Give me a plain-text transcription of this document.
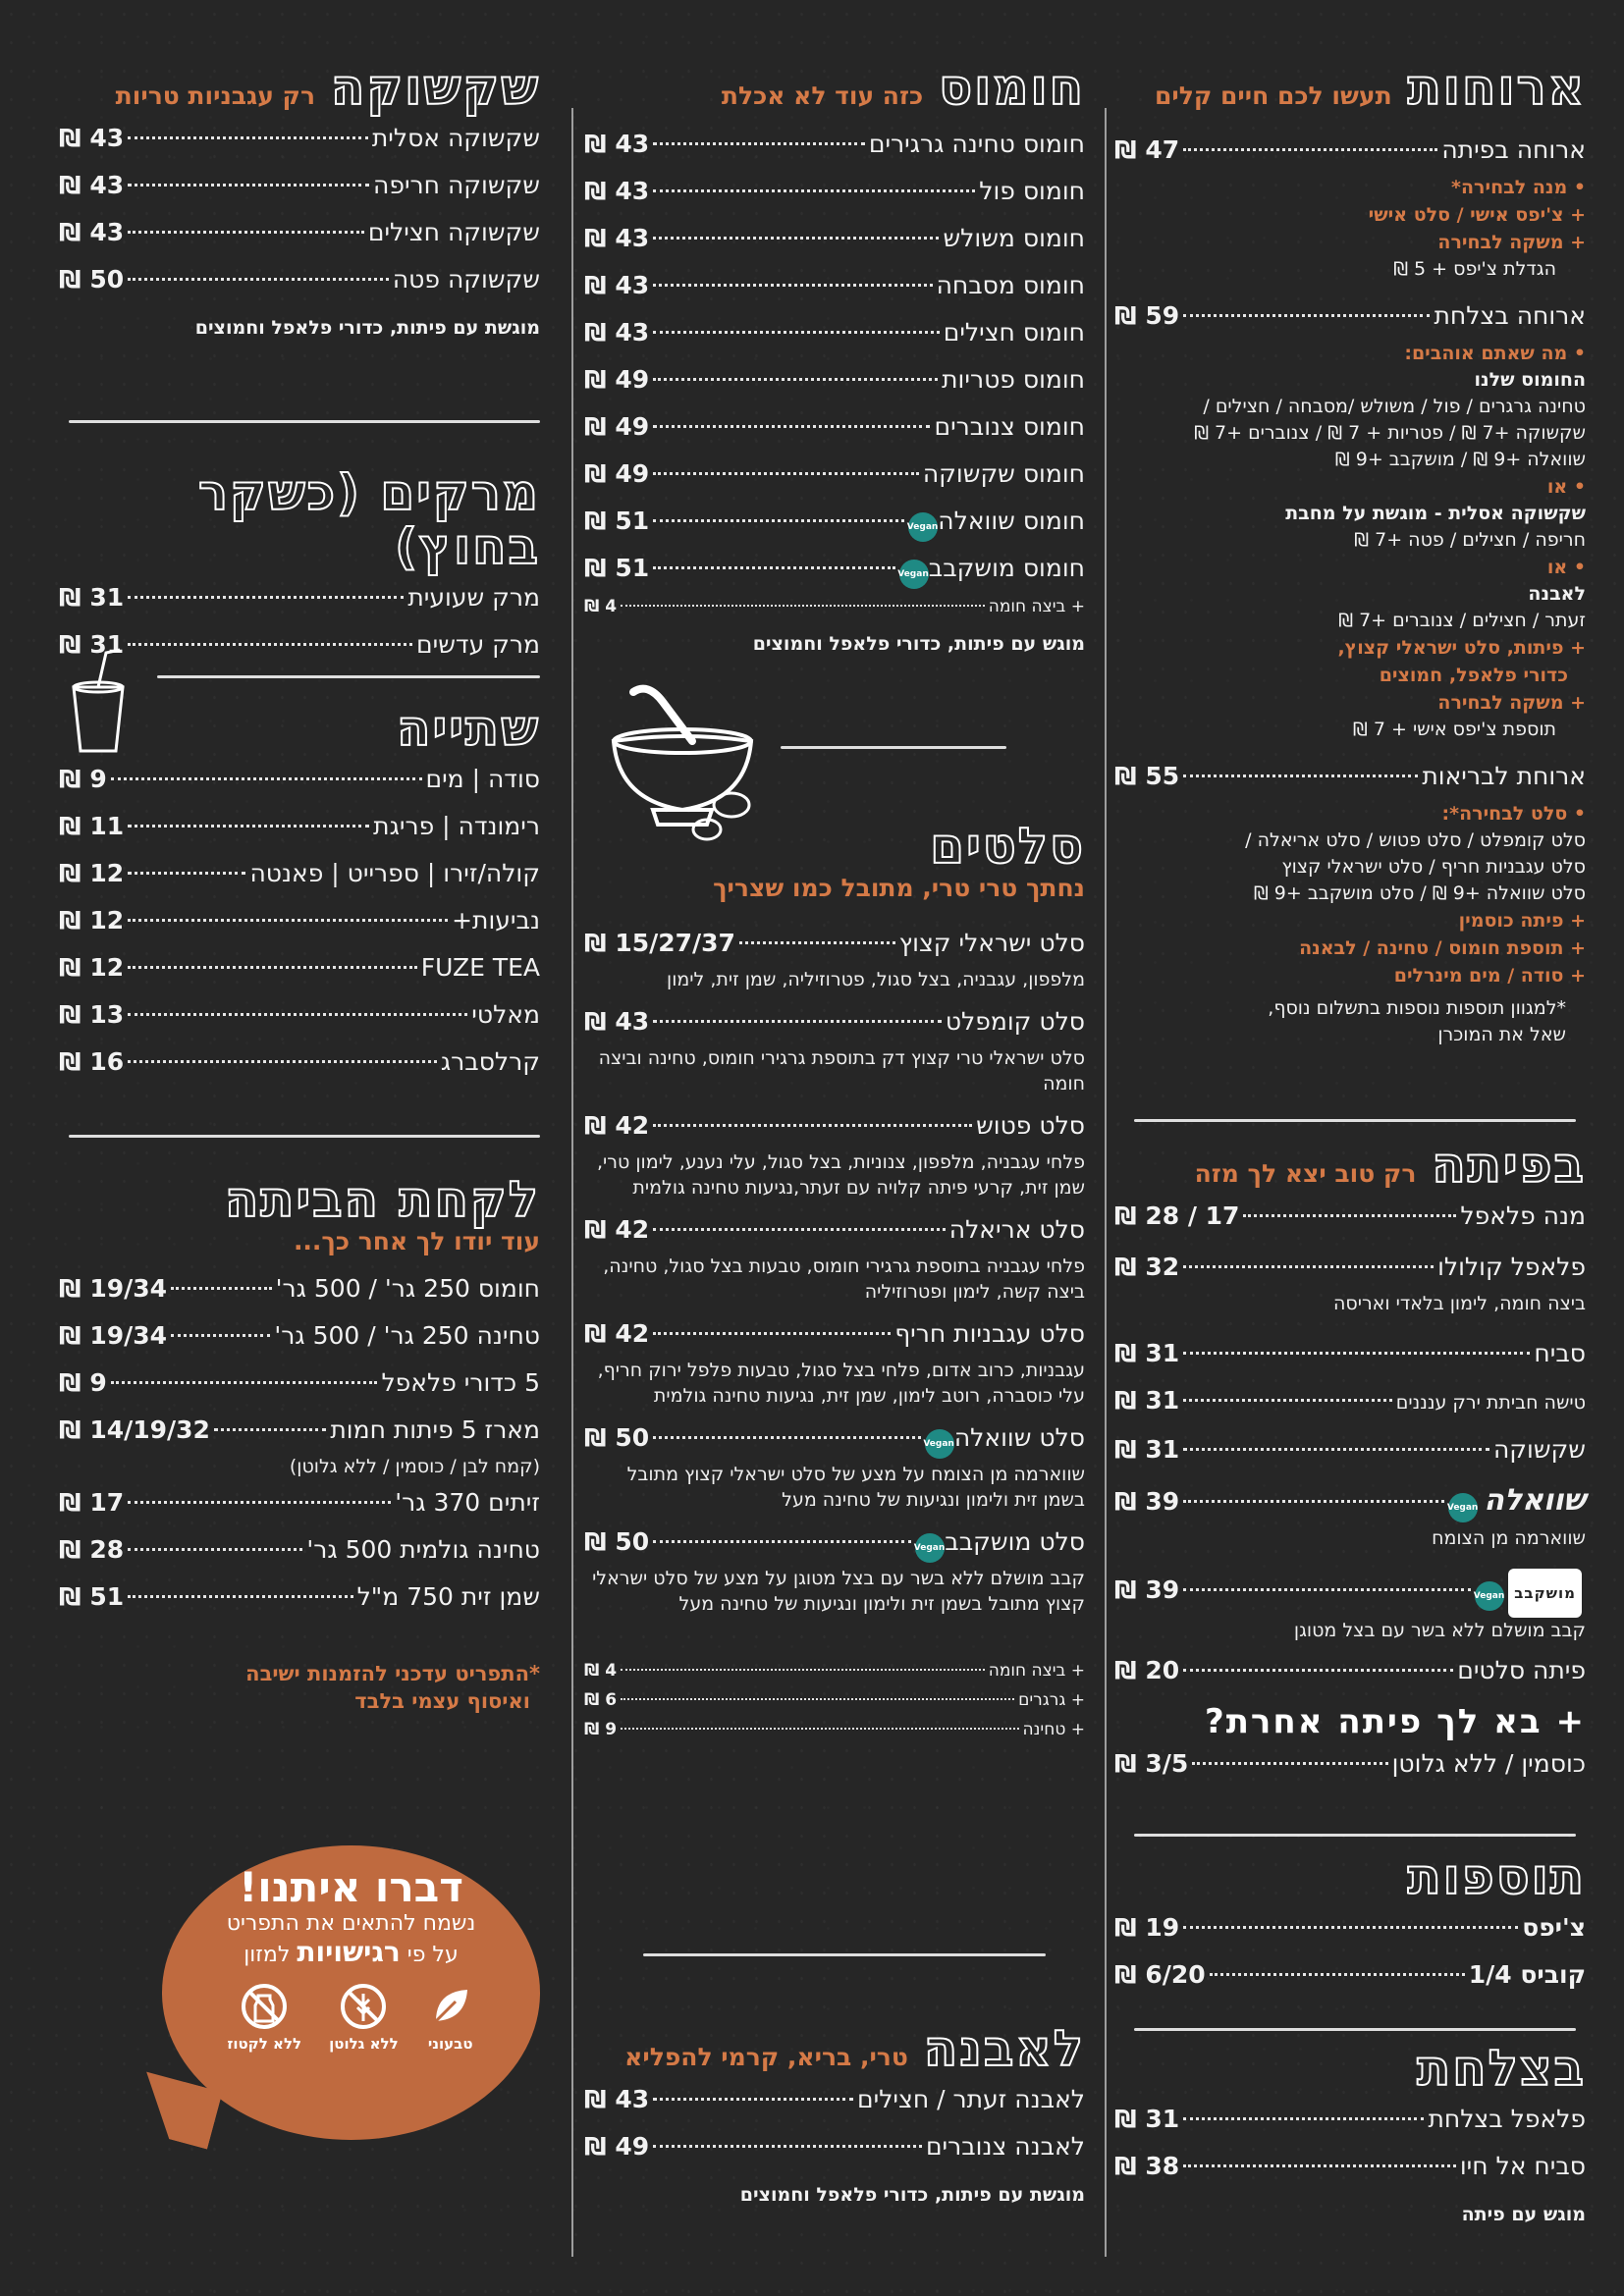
ארוחות
תעשו לכם חיים קלים
ארוחה בפיתה
47 ₪
• מנה לבחירה*
+ צ'יפס אישי / סלט אישי
+ משקה לבחירה
הגדלת צ'יפס + 5 ₪
ארוחה בצלחת
59 ₪
• מה שאתם אוהבים:
החומוס שלנו
טחינה גרגרים / פול / משולש /מסבחה / חצילים /
שקשוקה +7 ₪ / פטריות + 7 ₪ / צנוברים +7 ₪
שוואלה +9 ₪ / מושקבב +9 ₪
• או
שקשוקה אסלית - מוגשת על מחבת
חריפה / חצילים / פטה +7 ₪
• או
לאבנה
זעתר / חצילים / צנוברים +7 ₪
+ פיתות, סלט ישראלי קצוץ,
כדורי פלאפל, חמוצים
+ משקה לבחירה
תוספת צ'יפס אישי + 7 ₪
ארוחת לבריאות
55 ₪
• סלט לבחירה*:
סלט קומפלט / סלט פטוש / סלט אריאלה /
סלט עגבניות חריף / סלט ישראלי קצוץ
סלט שוואלה +9 ₪ / סלט מושקבב +9 ₪
+ פיתה כוסמין
+ תוספת חומוס / טחינה / לבאנה
+ סודה / מים מינרלים
*למגוון תוספות נוספות בתשלום נוסף,
שאל את המוכרן
בפיתה
רק טוב יצא לך מזה
מנה פלאפל
17 / 28 ₪
פלאפל קולולו
32 ₪
ביצה חומה, לימון בלאדי ואריסה
סביח
31 ₪
טישה חביתת ירק ענננים
31 ₪
שקשוקה
31 ₪
שוואלה
Vegan
39 ₪
שווארמה מן הצומח
מושקבב
Vegan
39 ₪
קבב מושלם ללא בשר עם בצל מטוגן
פיתה סלטים
20 ₪
+ בא לך פיתה אחרת?
כוסמין / ללא גלוטן
3/5 ₪
תוספות
צ'יפס
19 ₪
קוביס 1/4
6/20 ₪
בצלחת
פלאפל בצלחת
31 ₪
סביח אל חיו
38 ₪
מוגש עם פיתה
חומוס
כזה עוד לא אכלת
חומוס טחינה גרגירים
43 ₪
חומוס פול
43 ₪
חומוס משולש
43 ₪
חומוס מסבחה
43 ₪
חומוס חצילים
43 ₪
חומוס פטריות
49 ₪
חומוס צנוברים
49 ₪
חומוס שקשוקה
49 ₪
חומוס שוואלה
Vegan
51 ₪
חומוס מושקבב
Vegan
51 ₪
+ ביצה חומה
4 ₪
מוגש עם פיתות, כדורי פלאפל וחמוצים
סלטים
נחתך טרי טרי, מתובל כמו שצריך
סלט ישראלי קצוץ
15/27/37 ₪
מלפפון, עגבניה, בצל סגול, פטרוזיליה, שמן זית, לימון
סלט קומפלט
43 ₪
סלט ישראלי טרי קצוץ דק בתוספת גרגירי חומוס, טחינה וביצה חומה
סלט פטוש
42 ₪
פלחי עגבניה, מלפפון, צנוניות, בצל סגול, עלי נענע, לימון טרי, שמן זית, קרעי פיתה קלויה עם זעתר,נגיעות טחינה גולמית
סלט אריאלה
42 ₪
פלחי עגבניה בתוספת גרגירי חומוס, טבעות בצל סגול, טחינה, ביצה קשה, לימון ופטרוזיליה
סלט עגבניות חריף
42 ₪
עגבניות, כרוב אדום, פלחי בצל סגול, טבעות פלפל ירוק חריף, עלי כוסברה, רוטב לימון, שמן זית, נגיעות טחינה גולמית
סלט שוואלה
Vegan
50 ₪
שווארמה מן הצומח על מצע של סלט ישראלי קצוץ מתובל בשמן זית ולימון ונגיעות של טחינה מעל
סלט מושקבב
Vegan
50 ₪
קבב מושלם ללא בשר עם בצל מטוגן על מצע של סלט ישראלי קצוץ מתובל בשמן זית ולימון ונגיעות של טחינה מעל
+ ביצה חומה
4 ₪
+ גרגרים
6 ₪
+ טחינה
9 ₪
לאבנה
טרי, בריא, קרמי להפליא
לאבנה זעתר / חצילים
43 ₪
לאבנה צנוברים
49 ₪
מוגשת עם פיתות, כדורי פלאפל וחמוצים
שקשוקה
רק עגבניות טריות
שקשוקה אסלית
43 ₪
שקשוקה חריפה
43 ₪
שקשוקה חצילים
43 ₪
שקשוקה פטה
50 ₪
מוגשת עם פיתות, כדורי פלאפל וחמוצים
מרקים (כשקר בחוץ)
מרק שעועית
31 ₪
מרק עדשים
31 ₪
שתייה
סודה | מים
9 ₪
רימונדה | פריגת
11 ₪
קולה/זירו | ספרייט | פאנטה
12 ₪
נביעות+
12 ₪
FUZE TEA
12 ₪
מאלטי
13 ₪
קרלסברג
16 ₪
לקחת הביתה
עוד יודו לך אחר כך...
חומוס 250 גר' / 500 גר'
19/34 ₪
טחינה 250 גר' / 500 גר'
19/34 ₪
5 כדורי פלאפל
9 ₪
מארז 5 פיתות חמות
14/19/32 ₪
(קמח לבן / כוסמין / ללא גלוטן)
זיתים 370 גר'
17 ₪
טחינה גולמית 500 גר'
28 ₪
שמן זית 750 מ"ל
51 ₪
*התפריט עדכני להזמנות ישיבה
ואיסוף עצמי בלבד
דברו איתנו!
נשמח להתאים את התפריט
על פי רגישויות למזון
טבעוני
ללא גלוטן
ללא לקטוז
